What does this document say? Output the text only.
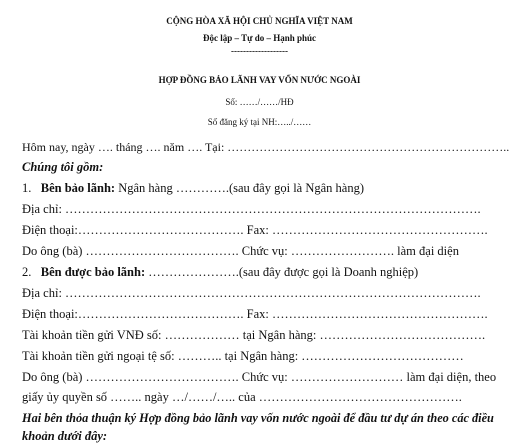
CỘNG HÒA XÃ HỘI CHỦ NGHĨA VIỆT NAM
Độc lập – Tự do – Hạnh phúc
-------------------
HỢP ĐỒNG BẢO LÃNH VAY VỐN NƯỚC NGOÀI
Số: ……/……/HĐ
Số đăng ký tại NH:…../……
Hôm nay, ngày …. tháng …. năm …. Tại: ……………………………………………………………..
Chúng tôi gồm:
1. Bên bảo lãnh: Ngân hàng ………….(sau đây gọi là Ngân hàng)
Địa chỉ: ……………………………………………………………………………………….
Điện thoại:…………………………………. Fax: …………………………………………….
Do ông (bà) ………………………………. Chức vụ: ……………………. làm đại diện
2. Bên được bảo lãnh: ………………….(sau đây được gọi là Doanh nghiệp)
Địa chỉ: ……………………………………………………………………………………….
Điện thoại:…………………………………. Fax: …………………………………………….
Tài khoản tiền gửi VNĐ số: ……………… tại Ngân hàng: ………………………………….
Tài khoản tiền gửi ngoại tệ số: ……….. tại Ngân hàng: …………………………………
Do ông (bà) ………………………………. Chức vụ: ……………………… làm đại diện, theo
giấy ủy quyền số …….. ngày …/……/….. của ………………………………………….
Hai bên thỏa thuận ký Hợp đồng bảo lãnh vay vốn nước ngoài để đầu tư dự án theo các điều
khoản dưới đây:
